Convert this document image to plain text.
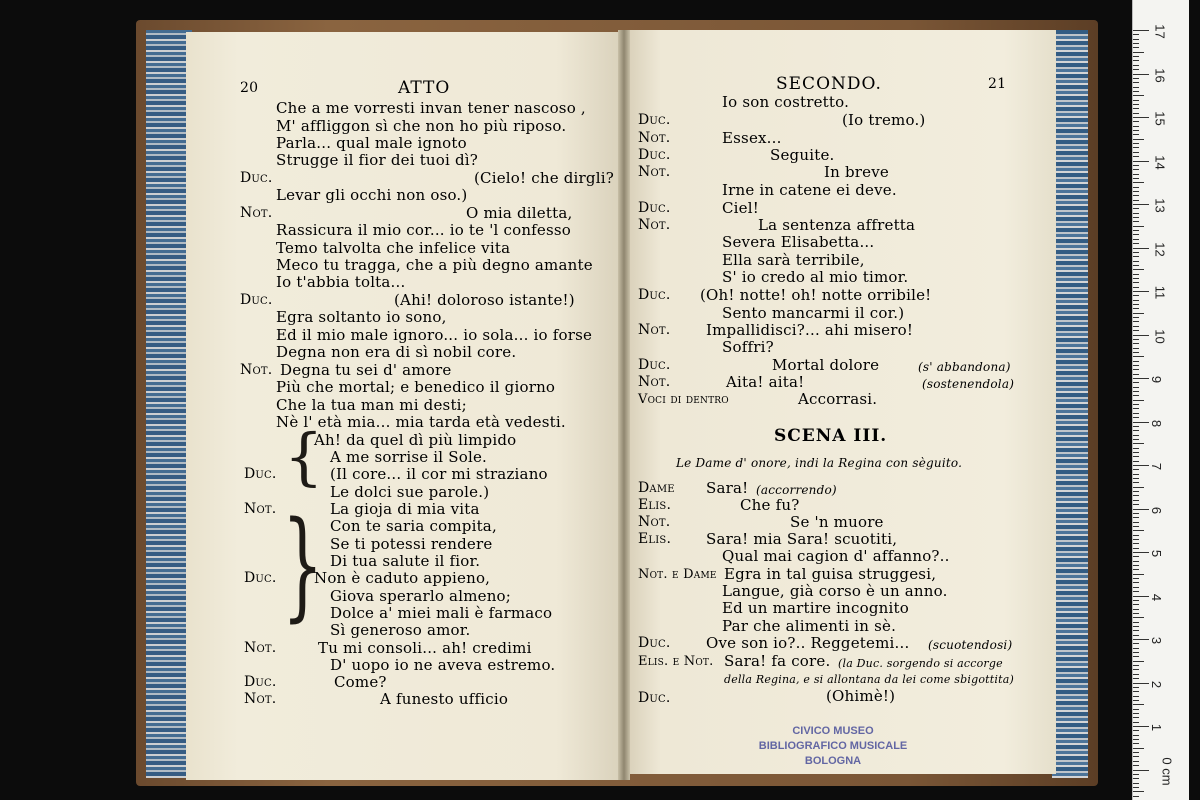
20	ATTO
Che a me vorresti invan tener nascoso ,
M' affliggon sì che non ho più riposo.
Parla... qual male ignoto
Strugge il fior dei tuoi dì?
Duc.	(Cielo! che dirgli?
Levar gli occhi non oso.)
Not.	O mia diletta,
Rassicura il mio cor... io te 'l confesso
Temo talvolta che infelice vita
Meco tu tragga, che a più degno amante
Io t'abbia tolta...
Duc.	(Ahi! doloroso istante!)
Egra soltanto io sono,
Ed il mio male ignoro... io sola... io forse
Degna non era di sì nobil core.
Not. Degna tu sei d' amore
Più che mortal; e benedico il giorno
Che la tua man mi desti;
Nè l' età mia... mia tarda età vedesti.
{
}
Ah! da quel dì più limpido
A me sorrise il Sole.
Duc.	(Il core... il cor mi straziano
Le dolci sue parole.)
Not.	La gioja di mia vita
Con te saria compita,
Se ti potessi rendere
Di tua salute il fior.
Duc. Non è caduto appieno,
Giova sperarlo almeno;
Dolce a' miei mali è farmaco
Sì generoso amor.
Not.	Tu mi consoli... ah! credimi
D' uopo io ne aveva estremo.
Duc.	Come?
Not.	A funesto ufficio
SECONDO.	21
Io son costretto.
Duc.	(Io tremo.)
Not.	Essex...
Duc.	Seguite.
Not.	In breve
Irne in catene ei deve.
Duc.	Ciel!
Not.	La sentenza affretta
Severa Elisabetta...
Ella sarà terribile,
S' io credo al mio timor.
Duc. (Oh! notte! oh! notte orribile!
Sento mancarmi il cor.)
Not. Impallidisci?... ahi misero!
Soffri?
Duc.	Mortal dolore	(s' abbandona)
Not.	Aita! aita!	(sostenendola)
Voci di dentro	Accorrasi.
SCENA III.
Le Dame d' onore, indi la Regina con sèguito.
Dame Sara! (accorrendo)
Elis.	Che fu?
Not.	Se 'n muore
Elis. Sara! mia Sara! scuotiti,
Qual mai cagion d' affanno?..
Not. e Dame Egra in tal guisa struggesi,
Langue, già corso è un anno.
Ed un martire incognito
Par che alimenti in sè.
Duc. Ove son io?.. Reggetemi... (scuotendosi)
Elis. e Not. Sara! fa core. (la Duc. sorgendo si accorge
della Regina, e si allontana da lei come sbigottita)
Duc.	(Ohimè!)
CIVICO MUSEO
BIBLIOGRAFICO MUSICALE
BOLOGNA
17
16
15
14
13
12
11
10
9
8
7
6
5
4
3
2
1
0 cm
